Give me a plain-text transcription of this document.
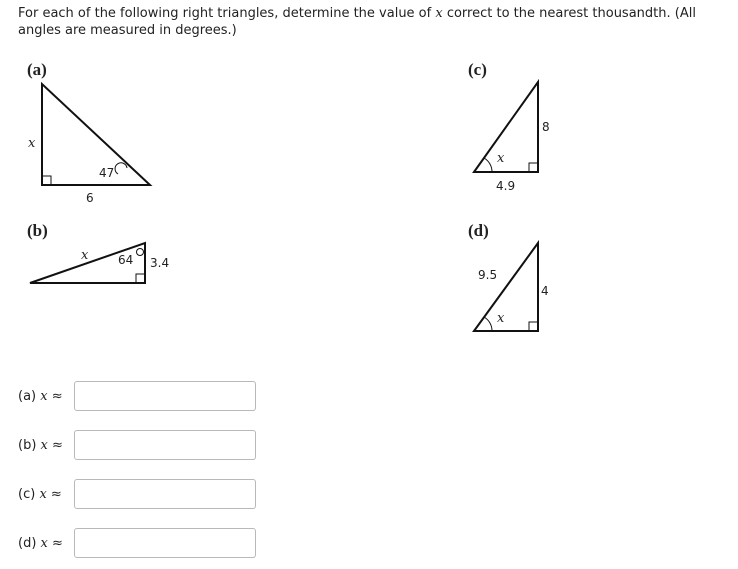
For each of the following right triangles, determine the value of x correct to the nearest thousandth. (All angles are measured in degrees.)
(a)
x
47
6
(b)
x 64 3.4
(c)
x
8
4.9
(d)
9.5
4
x
(a) x ≈
(b) x ≈
(c) x ≈
(d) x ≈
